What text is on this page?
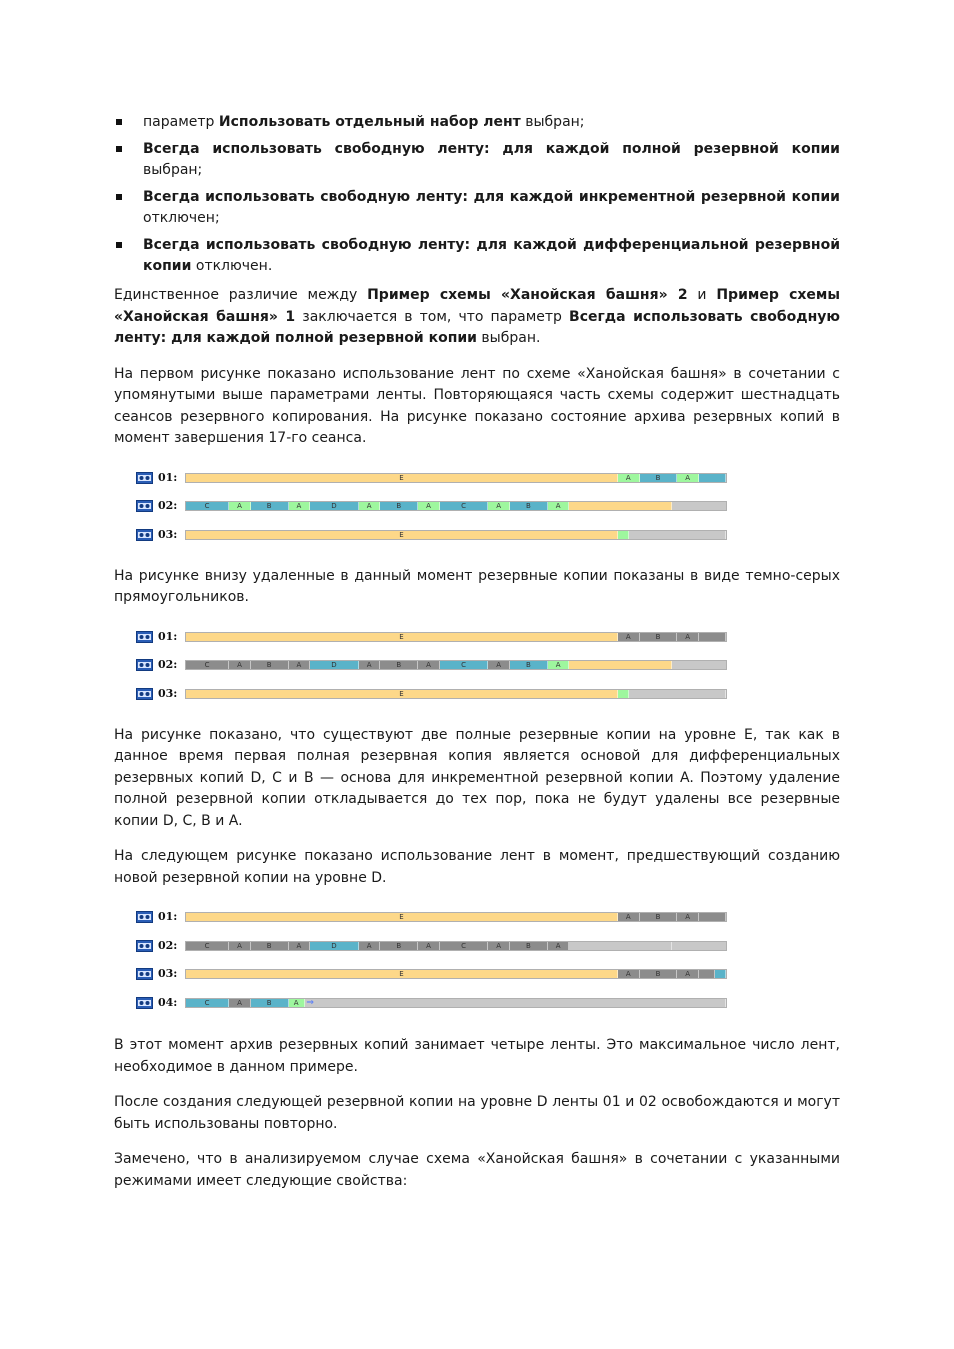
параметр Использовать отдельный набор лент выбран;
Всегда использовать свободную ленту: для каждой полной резервной копии выбран;
Всегда использовать свободную ленту: для каждой инкрементной резервной копии отключен;
Всегда использовать свободную ленту: для каждой дифференциальной резервной копии отключен.

Единственное различие между Пример схемы «Ханойская башня» 2 и Пример схемы «Ханойская башня» 1 заключается в том, что параметр Всегда использовать свободную ленту: для каждой полной резервной копии выбран.

На первом рисунке показано использование лент по схеме «Ханойская башня» в сочетании с упомянутыми выше параметрами ленты. Повторяющаяся часть схемы содержит шестнадцать сеансов резервного копирования. На рисунке показано состояние архива резервных копий в момент завершения 17-го сеанса.

01:	E	A	B	A
02:	C	A	B	A	D	A	B	A	C	A	B	A
03:	E

На рисунке внизу удаленные в данный момент резервные копии показаны в виде темно-серых прямоугольников.

01:	E	A	B	A
02:	C	A	B	A	D	A	B	A	C	A	B	A
03:	E

На рисунке показано, что существуют две полные резервные копии на уровне E, так как в данное время первая полная резервная копия является основой для дифференциальных резервных копий D, C и B — основа для инкрементной резервной копии A. Поэтому удаление полной резервной копии откладывается до тех пор, пока не будут удалены все резервные копии D, C, B и A.

На следующем рисунке показано использование лент в момент, предшествующий созданию новой резервной копии на уровне D.

01:	E	A	B	A
02:	C	A	B	A	D	A	B	A	C	A	B	A
03:	E	A	B	A
04:	C	A	B	A ⇒

В этот момент архив резервных копий занимает четыре ленты. Это максимальное число лент, необходимое в данном примере.

После создания следующей резервной копии на уровне D ленты 01 и 02 освобождаются и могут быть использованы повторно.

Замечено, что в анализируемом случае схема «Ханойская башня» в сочетании с указанными режимами имеет следующие свойства:
